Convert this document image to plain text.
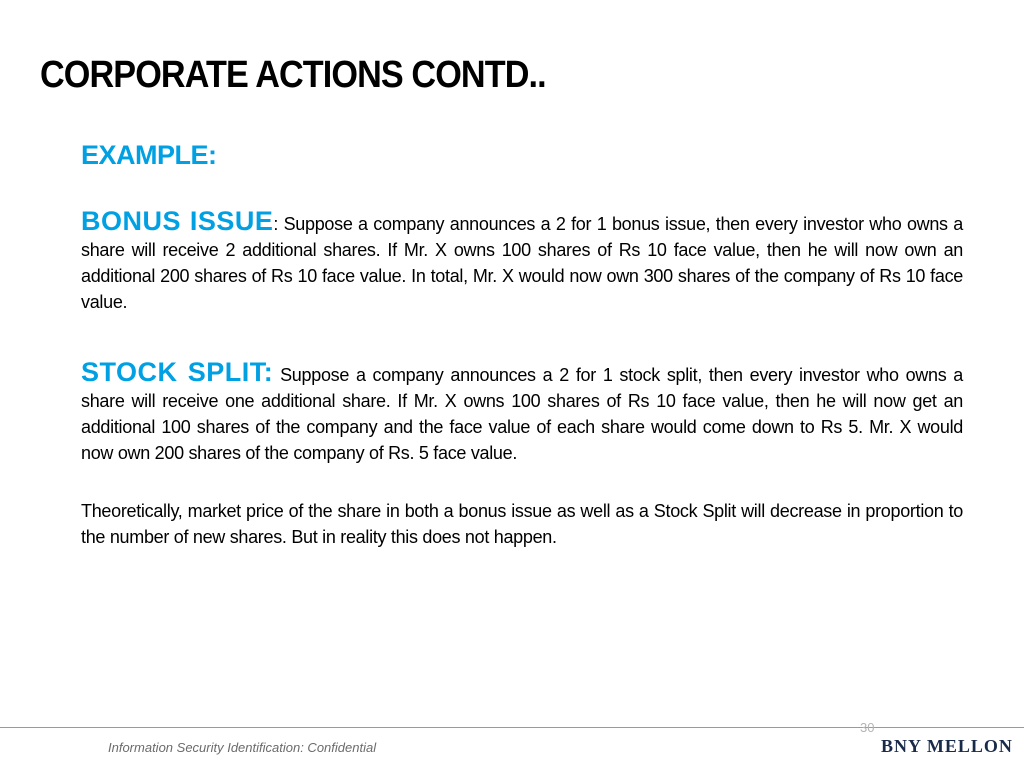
CORPORATE ACTIONS CONTD..
EXAMPLE:

BONUS ISSUE: Suppose a company announces a 2 for 1 bonus issue, then every investor who owns a share will receive 2 additional shares. If Mr. X owns 100 shares of Rs 10 face value, then he will now own an additional 200 shares of Rs 10 face value. In total, Mr. X would now own 300 shares of the company of Rs 10 face value.

STOCK SPLIT: Suppose a company announces a 2 for 1 stock split, then every investor who owns a share will receive one additional share. If Mr. X owns 100 shares of Rs 10 face value, then he will now get an additional 100 shares of the company and the face value of each share would come down to Rs 5. Mr. X would now own 200 shares of the company of Rs. 5 face value.

Theoretically, market price of the share in both a bonus issue as well as a Stock Split will decrease in proportion to the number of new shares. But in reality this does not happen.

30
Information Security Identification: Confidential	BNY MELLON
